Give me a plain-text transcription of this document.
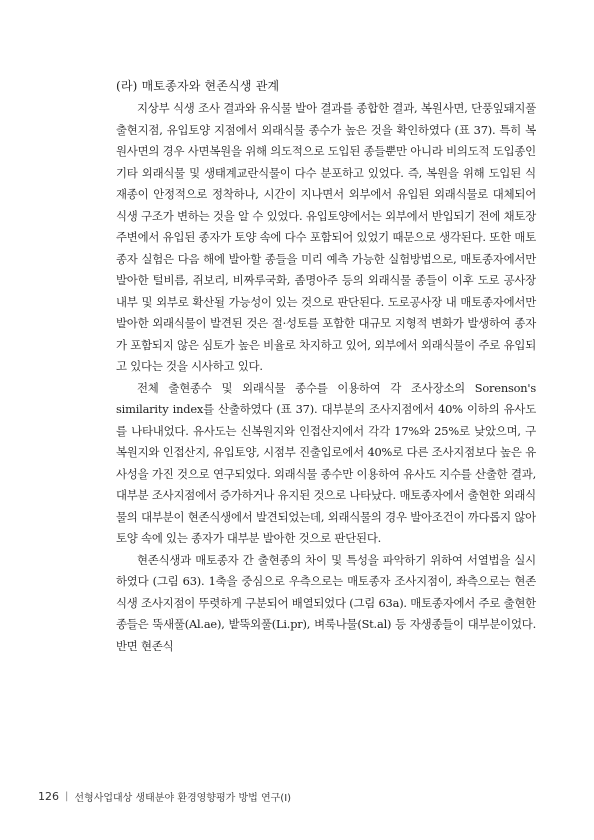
(라) 매토종자와 현존식생 관계

지상부 식생 조사 결과와 유식물 발아 결과를 종합한 결과, 복원사면, 단풍잎돼지풀 출현지점, 유입토양 지점에서 외래식물 종수가 높은 것을 확인하였다 (표 37). 특히 복원사면의 경우 사면복원을 위해 의도적으로 도입된 종들뿐만 아니라 비의도적 도입종인 기타 외래식물 및 생태계교란식물이 다수 분포하고 있었다. 즉, 복원을 위해 도입된 식재종이 안정적으로 정착하나, 시간이 지나면서 외부에서 유입된 외래식물로 대체되어 식생 구조가 변하는 것을 알 수 있었다. 유입토양에서는 외부에서 반입되기 전에 채토장 주변에서 유입된 종자가 토양 속에 다수 포함되어 있었기 때문으로 생각된다. 또한 매토종자 실험은 다음 해에 발아할 종들을 미리 예측 가능한 실험방법으로, 매토종자에서만 발아한 털비름, 쥐보리, 비짜루국화, 좀명아주 등의 외래식물 종들이 이후 도로 공사장 내부 및 외부로 확산될 가능성이 있는 것으로 판단된다. 도로공사장 내 매토종자에서만 발아한 외래식물이 발견된 것은 절·성토를 포함한 대규모 지형적 변화가 발생하여 종자가 포함되지 않은 심토가 높은 비율로 차지하고 있어, 외부에서 외래식물이 주로 유입되고 있다는 것을 시사하고 있다.

전체 출현종수 및 외래식물 종수를 이용하여 각 조사장소의 Sorenson's similarity index를 산출하였다 (표 37). 대부분의 조사지점에서 40% 이하의 유사도를 나타내었다. 유사도는 신복원지와 인접산지에서 각각 17%와 25%로 낮았으며, 구복원지와 인접산지, 유입토양, 시점부 진출입로에서 40%로 다른 조사지점보다 높은 유사성을 가진 것으로 연구되었다. 외래식물 종수만 이용하여 유사도 지수를 산출한 결과, 대부분 조사지점에서 증가하거나 유지된 것으로 나타났다. 매토종자에서 출현한 외래식물의 대부분이 현존식생에서 발견되었는데, 외래식물의 경우 발아조건이 까다롭지 않아 토양 속에 있는 종자가 대부분 발아한 것으로 판단된다.

현존식생과 매토종자 간 출현종의 차이 및 특성을 파악하기 위하여 서열법을 실시하였다 (그림 63). 1축을 중심으로 우측으로는 매토종자 조사지점이, 좌측으로는 현존식생 조사지점이 뚜렷하게 구분되어 배열되었다 (그림 63a). 매토종자에서 주로 출현한 종들은 뚝새풀(Al.ae), 밭뚝외풀(Li.pr), 벼룩나물(St.al) 등 자생종들이 대부분이었다. 반면 현존식

126 | 선형사업대상 생태분야 환경영향평가 방법 연구(Ⅰ)
